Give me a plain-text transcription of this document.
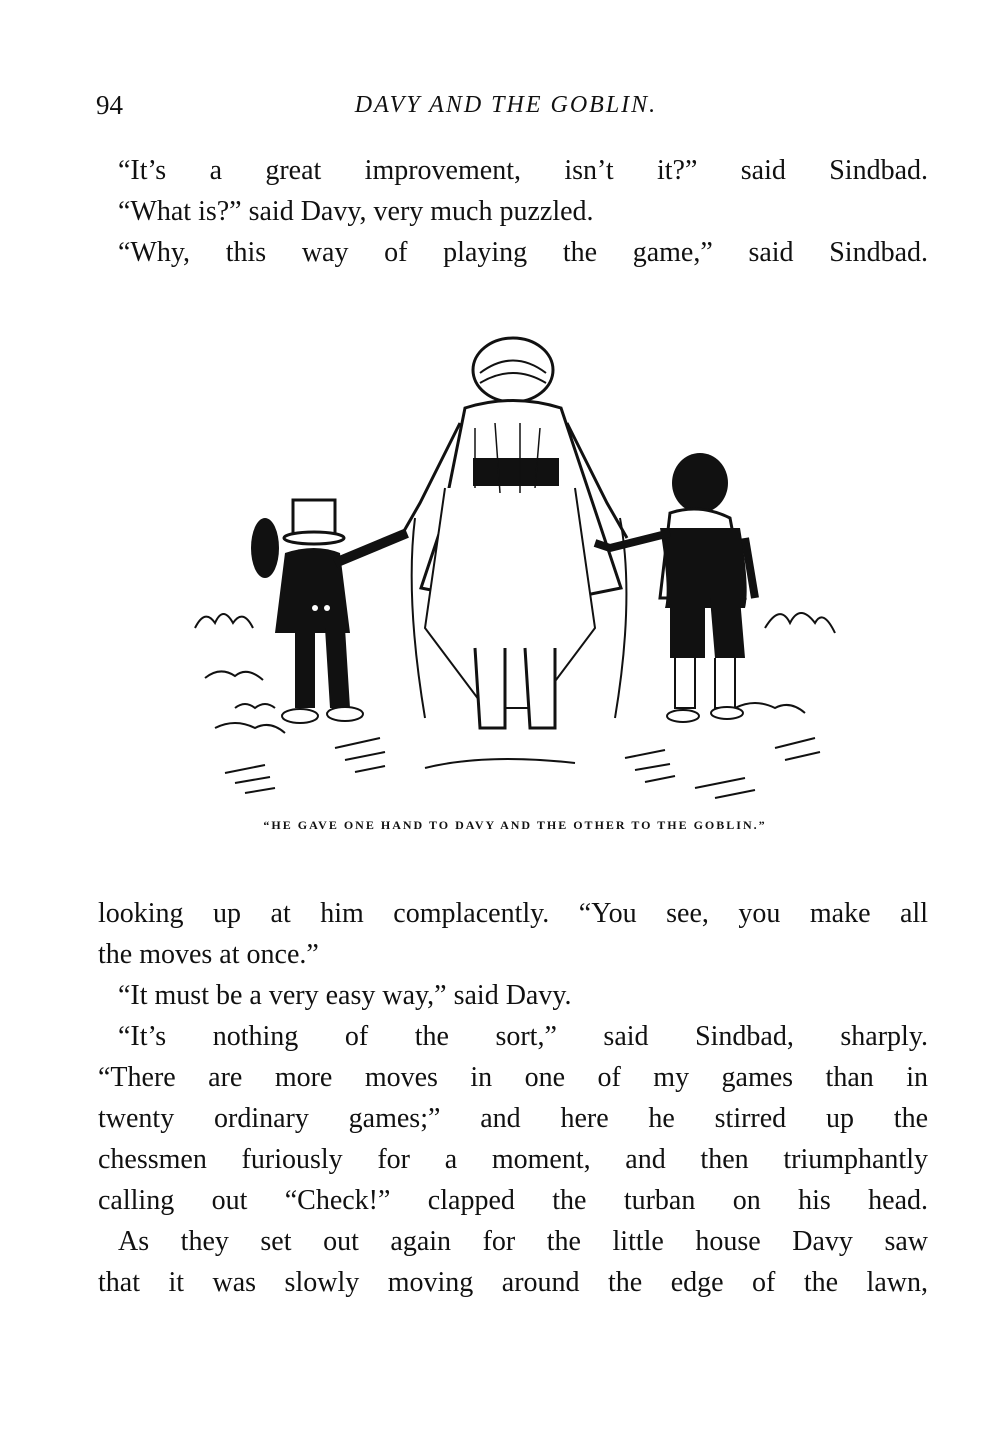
94	DAVY AND THE GOBLIN.
“It’s a great improvement, isn’t it?” said Sindbad.
“What is?” said Davy, very much puzzled.
“Why, this way of playing the game,” said Sindbad.
“HE GAVE ONE HAND TO DAVY AND THE OTHER TO THE GOBLIN.”
looking up at him complacently. “You see, you make all
the moves at once.”
“It must be a very easy way,” said Davy.
“It’s nothing of the sort,” said Sindbad, sharply.
“There are more moves in one of my games than in
twenty ordinary games;” and here he stirred up the
chessmen furiously for a moment, and then triumphantly
calling out “Check!” clapped the turban on his head.
As they set out again for the little house Davy saw
that it was slowly moving around the edge of the lawn,
